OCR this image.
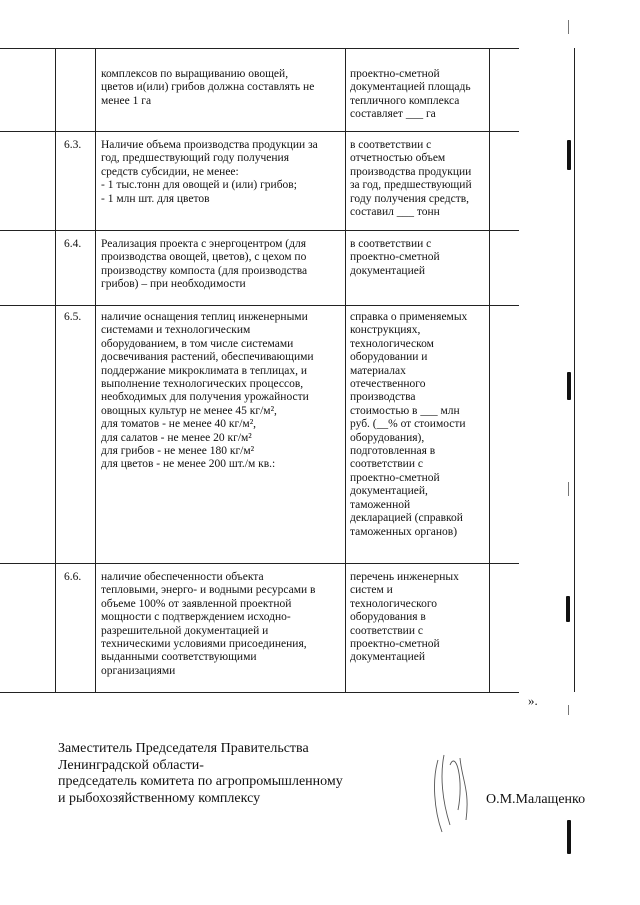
комплексов по выращиванию овощей,
цветов и(или) грибов должна составлять не
менее 1 га
проектно-сметной
документацией площадь
тепличного комплекса
составляет ___ га
6.3. Наличие объема производства продукции за
год, предшествующий году получения
средств субсидии, не менее:
- 1 тыс.тонн для овощей и (или) грибов;
- 1 млн шт. для цветов
в соответствии с
отчетностью объем
производства продукции
за год, предшествующий
году получения средств,
составил ___ тонн
6.4. Реализация проекта с энергоцентром (для
производства овощей, цветов), с цехом по
производству компоста (для производства
грибов) – при необходимости
в соответствии с
проектно-сметной
документацией
6.5. наличие оснащения теплиц инженерными
системами и технологическим
оборудованием, в том числе системами
досвечивания растений, обеспечивающими
поддержание микроклимата в теплицах, и
выполнение технологических процессов,
необходимых для получения урожайности
овощных культур не менее 45 кг/м²,
для томатов - не менее 40 кг/м²,
для салатов - не менее 20 кг/м²
для грибов - не менее 180 кг/м²
для цветов - не менее 200 шт./м кв.:
справка о применяемых
конструкциях,
технологическом
оборудовании и
материалах
отечественного
производства
стоимостью в ___ млн
руб. (__% от стоимости
оборудования),
подготовленная в
соответствии с
проектно-сметной
документацией,
таможенной
декларацией (справкой
таможенных органов)
6.6. наличие обеспеченности объекта
тепловыми, энерго- и водными ресурсами в
объеме 100% от заявленной проектной
мощности с подтверждением исходно-
разрешительной документацией и
техническими условиями присоединения,
выданными соответствующими
организациями
перечень инженерных
систем и
технологического
оборудования в
соответствии с
проектно-сметной
документацией
».
Заместитель Председателя Правительства
Ленинградской области-
председатель комитета по агропромышленному
и рыбохозяйственному комплексу	О.М.Малащенко
